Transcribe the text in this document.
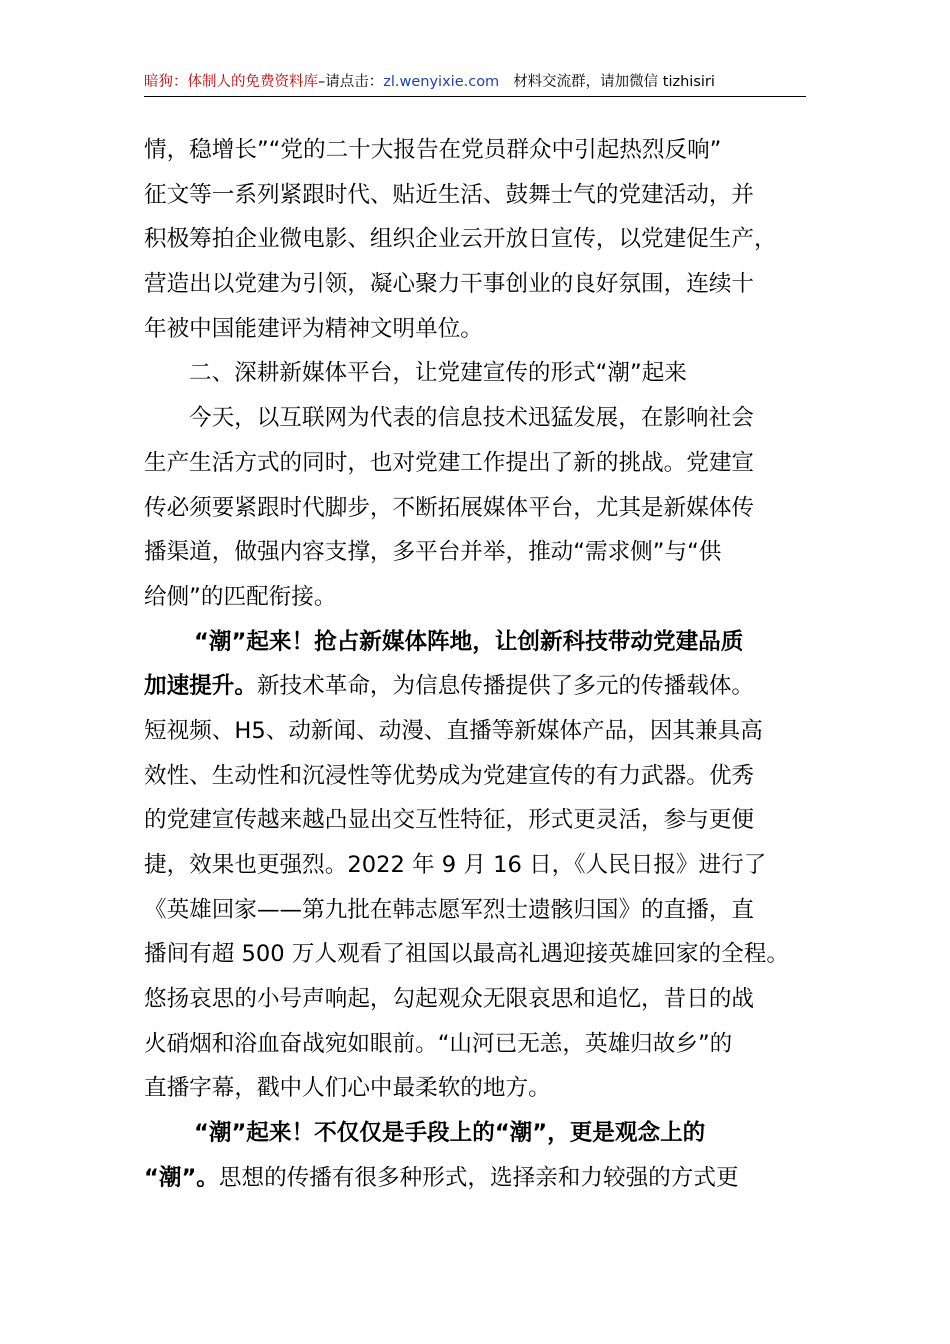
暗狗：体制人的免费资料库–请点击：zl.wenyixie.com 材料交流群，请加微信 tizhisiri
情，稳增长”“党的二十大报告在党员群众中引起热烈反响”
征文等一系列紧跟时代、贴近生活、鼓舞士气的党建活动，并
积极筹拍企业微电影、组织企业云开放日宣传，以党建促生产，
营造出以党建为引领，凝心聚力干事创业的良好氛围，连续十
年被中国能建评为精神文明单位。
二、深耕新媒体平台，让党建宣传的形式“潮”起来
今天，以互联网为代表的信息技术迅猛发展，在影响社会
生产生活方式的同时，也对党建工作提出了新的挑战。党建宣
传必须要紧跟时代脚步，不断拓展媒体平台，尤其是新媒体传
播渠道，做强内容支撑，多平台并举，推动“需求侧”与“供
给侧”的匹配衔接。
“潮”起来！抢占新媒体阵地，让创新科技带动党建品质
加速提升。新技术革命，为信息传播提供了多元的传播载体。
短视频、H5、动新闻、动漫、直播等新媒体产品，因其兼具高
效性、生动性和沉浸性等优势成为党建宣传的有力武器。优秀
的党建宣传越来越凸显出交互性特征，形式更灵活，参与更便
捷，效果也更强烈。2022 年 9 月 16 日，《人民日报》进行了
《英雄回家——第九批在韩志愿军烈士遗骸归国》的直播，直
播间有超 500 万人观看了祖国以最高礼遇迎接英雄回家的全程。
悠扬哀思的小号声响起，勾起观众无限哀思和追忆，昔日的战
火硝烟和浴血奋战宛如眼前。“山河已无恙，英雄归故乡”的
直播字幕，戳中人们心中最柔软的地方。
“潮”起来！不仅仅是手段上的“潮”，更是观念上的
“潮”。思想的传播有很多种形式，选择亲和力较强的方式更
